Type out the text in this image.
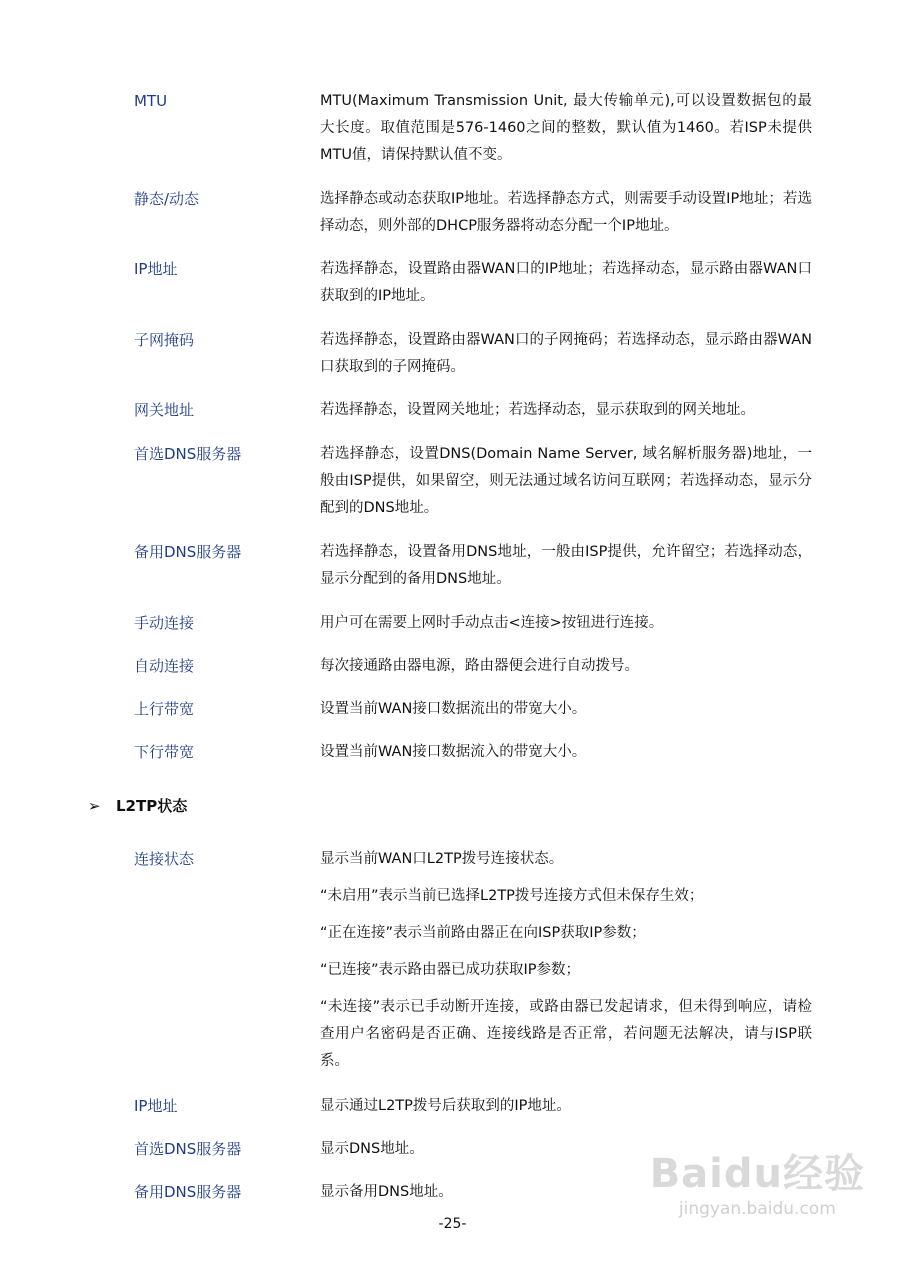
MTU	MTU(Maximum Transmission Unit, 最大传输单元),可以设置数据包的最大长度。取值范围是576-1460之间的整数，默认值为1460。若ISP未提供MTU值，请保持默认值不变。

静态/动态	选择静态或动态获取IP地址。若选择静态方式，则需要手动设置IP地址；若选择动态，则外部的DHCP服务器将动态分配一个IP地址。

IP地址	若选择静态，设置路由器WAN口的IP地址；若选择动态，显示路由器WAN口获取到的IP地址。

子网掩码	若选择静态，设置路由器WAN口的子网掩码；若选择动态，显示路由器WAN口获取到的子网掩码。

网关地址	若选择静态，设置网关地址；若选择动态，显示获取到的网关地址。

首选DNS服务器	若选择静态，设置DNS(Domain Name Server, 域名解析服务器)地址，一般由ISP提供，如果留空，则无法通过域名访问互联网；若选择动态，显示分配到的DNS地址。

备用DNS服务器	若选择静态，设置备用DNS地址，一般由ISP提供，允许留空；若选择动态，显示分配到的备用DNS地址。

手动连接	用户可在需要上网时手动点击<连接>按钮进行连接。

自动连接	每次接通路由器电源，路由器便会进行自动拨号。

上行带宽	设置当前WAN接口数据流出的带宽大小。

下行带宽	设置当前WAN接口数据流入的带宽大小。

➢ L2TP状态
连接状态	显示当前WAN口L2TP拨号连接状态。

“未启用”表示当前已选择L2TP拨号连接方式但未保存生效；

“正在连接”表示当前路由器正在向ISP获取IP参数；

“已连接”表示路由器已成功获取IP参数；

“未连接”表示已手动断开连接，或路由器已发起请求，但未得到响应，请检查用户名密码是否正确、连接线路是否正常，若问题无法解决，请与ISP联系。

IP地址	显示通过L2TP拨号后获取到的IP地址。

首选DNS服务器	显示DNS地址。

备用DNS服务器	显示备用DNS地址。

-25-
Baidu经验
jingyan.baidu.com
